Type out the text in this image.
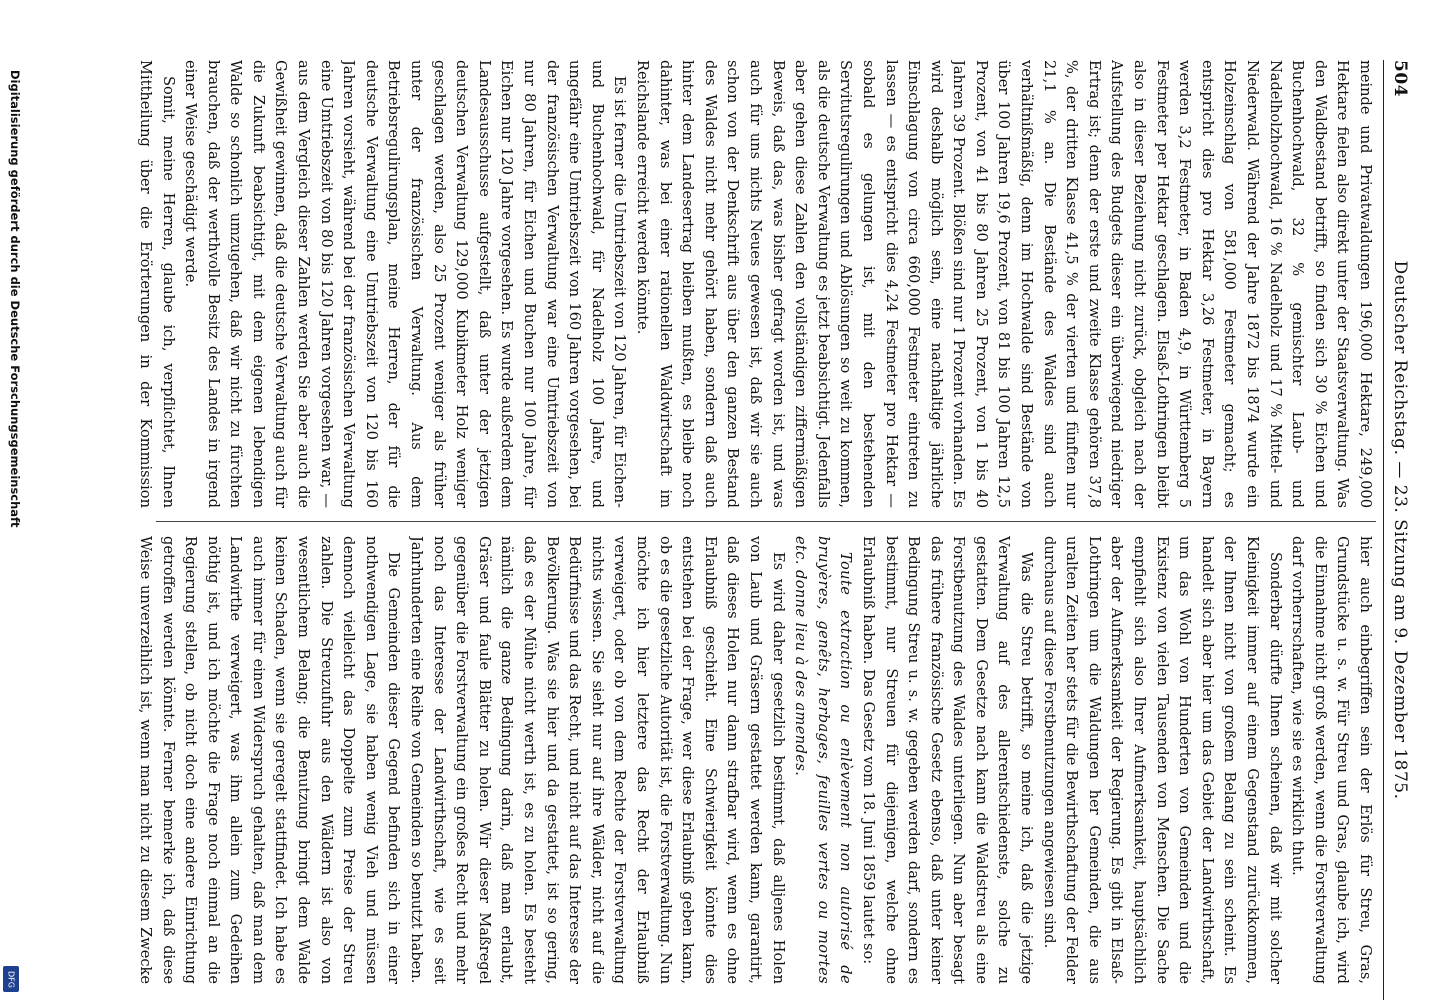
504
Deutscher Reichstag. — 23. Sitzung am 9. Dezember 1875.

meinde und Privatwaldungen 196,000 Hektare, 249,000 Hektare fielen also direkt unter der Staatsverwaltung. Was den Waldbestand betrifft, so finden sich 30 % Eichen und Buchenhochwald, 32 % gemischter Laub- und Nadelholzhochwald, 16 % Nadelholz und 17 % Mittel- und Niederwald. Während der Jahre 1872 bis 1874 wurde ein Holzeinschlag von 581,000 Festmeter gemacht; es entspricht dies pro Hektar 3,26 Festmeter, in Bayern werden 3,2 Festmeter, in Baden 4,9, in Württemberg 5 Festmeter per Hektar geschlagen. Elsaß-Lothringen bleibt also in dieser Beziehung nicht zurück, obgleich nach der Aufstellung des Budgets dieser ein überwiegend niedriger Ertrag ist; denn der erste und zweite Klasse gehören 37,8 %, der dritten Klasse 41,5 % der vierten und fünften nur 21,1 % an. Die Bestände des Waldes sind auch verhältnißmäßig, denn im Hochwalde sind Bestände von über 100 Jahren 19,6 Prozent, von 81 bis 100 Jahren 12,5 Prozent, von 41 bis 80 Jahren 25 Prozent, von 1 bis 40 Jahren 39 Prozent. Blößen sind nur 1 Prozent vorhanden. Es wird deshalb möglich sein, eine nachhaltige jährliche Einschlagung von circa 660,000 Festmeter eintreten zu lassen — es entspricht dies 4,24 Festmeter pro Hektar — sobald es gelungen ist, mit den bestehenden Servitutsregulirungen und Ablösungen so weit zu kommen, als die deutsche Verwaltung es jetzt beabsichtigt. Jedenfalls aber gehen diese Zahlen den vollständigen ziffermäßigen Beweis, daß das, was bisher gefragt worden ist, und was auch für uns nichts Neues gewesen ist, daß wir sie auch schon von der Denkschrift aus über den ganzen Bestand des Waldes nicht mehr gehört haben, sondern daß auch hinter dem Landesertrag bleiben mußten, es bleibe noch dahinter, was bei einer rationellen Waldwirtschaft im Reichslande erreicht werden könnte.

Es ist ferner die Umtriebszeit von 120 Jahren, für Eichen- und Buchenhochwald, für Nadelholz 100 Jahre, und ungefähr eine Umtriebszeit von 160 Jahren vorgesehen, bei der französischen Verwaltung war eine Umtriebszeit von nur 80 Jahren, für Eichen und Buchen nur 100 Jahre, für Eichen nur 120 Jahre vorgesehen. Es wurde außerdem dem Landesausschusse aufgestellt, daß unter der jetzigen deutschen Verwaltung 129,000 Kubikmeter Holz weniger geschlagen werden, also 25 Prozent weniger als früher unter der französischen Verwaltung. Aus dem Betriebsregulirungsplan, meine Herren, der für die deutsche Verwaltung eine Umtriebszeit von 120 bis 160 Jahren vorsieht, während bei der französischen Verwaltung eine Umtriebszeit von 80 bis 120 Jahren vorgesehen war, — aus dem Vergleich dieser Zahlen werden Sie aber auch die Gewißheit gewinnen, daß die deutsche Verwaltung auch für die Zukunft beabsichtigt, mit dem eigenen lebendigen Walde so schonlich umzugehen, daß wir nicht zu fürchten brauchen, daß der werthvolle Besitz des Landes in irgend einer Weise geschädigt werde.

Somit, meine Herren, glaube ich, verpflichtet, Ihnen Mittheilung über die Erörterungen in der Kommission

hier auch einbegriffen sein der Erlös für Streu, Gras, Grundstücke u. s. w. Für Streu und Gras, glaube ich, wird die Einnahme nicht groß werden, wenn die Forstverwaltung darf vorherrschaften, wie sie es wirklich thut.

Sonderbar dürfte Ihnen scheinen, daß wir mit solcher Kleinigkeit immer auf einem Gegenstand zurückkommen, der Ihnen nicht von großem Belang zu sein scheint. Es handelt sich aber hier um das Gebiet der Landwirthschaft, um das Wohl von Hunderten von Gemeinden und die Existenz von vielen Tausenden von Menschen. Die Sache empfiehlt sich also Ihrer Aufmerksamkeit, hauptsächlich aber der Aufmerksamkeit der Regierung. Es gibt in Elsaß-Lothringen um die Waldungen her Gemeinden, die aus uralten Zeiten her stets für die Bewirthschaftung der Felder durchaus auf diese Forstbenutzungen angewiesen sind.

Was die Streu betrifft, so meine ich, daß die jetzige Verwaltung auf des allerentschiedenste, solche zu gestatten. Dem Gesetze nach kann die Waldstreu als eine Forstbenutzung des Waldes unterliegen. Nun aber besagt das frühere französische Gesetz ebenso, daß unter keiner Bedingung Streu u. s. w. gegeben werden darf, sondern es bestimmt, nur Streuen für diejenigen, welche ohne Erlaubniß haben. Das Gesetz vom 18. Juni 1859 lautet so:

Toute extraction ou enlèvement non autorisé de bruyères, genêts, herbages, feuilles vertes ou mortes etc. donne lieu à des amendes.

Es wird daher gesetzlich bestimmt, daß alljenes Holen von Laub und Gräsern gestattet werden kann, garantirt, daß dieses Holen nur dann strafbar wird, wenn es ohne Erlaubniß geschieht. Eine Schwierigkeit könnte dies entstehen bei der Frage, wer diese Erlaubniß geben kann, ob es die gesetzliche Autorität ist, die Forstverwaltung. Nun möchte ich hier letztere das Recht der Erlaubniß verweigert, oder ob von dem Rechte der Forstverwaltung nichts wissen. Sie sieht nur auf ihre Wälder, nicht auf die Bedürfnisse und das Recht, und nicht auf das Interesse der Bevölkerung. Was sie hier und da gestattet, ist so gering, daß es der Mühe nicht werth ist, es zu holen. Es besteht nämlich die ganze Bedingung darin, daß man erlaubt, Gräser und faule Blätter zu holen. Wir dieser Maßregel gegenüber die Forstverwaltung ein großes Recht und mehr noch das Interesse der Landwirthschaft, wie es seit Jahrhunderten eine Reihe von Gemeinden so benutzt haben.

Die Gemeinden dieser Gegend befinden sich in einer nothwendigen Lage, sie haben wenig Vieh und müssen dennoch vielleicht das Doppelte zum Preise der Streu zahlen. Die Streuzufuhr aus den Wäldern ist also von wesentlichem Belang; die Benutzung bringt dem Walde keinen Schaden, wenn sie geregelt stattfindet. Ich habe es auch immer für einen Widerspruch gehalten, daß man dem Landwirthe verweigert, was ihm allein zum Gedeihen nöthig ist, und ich möchte die Frage noch einmal an die Regierung stellen, ob nicht doch eine andere Einrichtung getroffen werden könnte. Ferner bemerke ich, daß diese Weise unverzeihlich ist, wenn man nicht zu diesem Zwecke

Digitalisierung gefördert durch die Deutsche Forschungsgemeinschaft
DFG
